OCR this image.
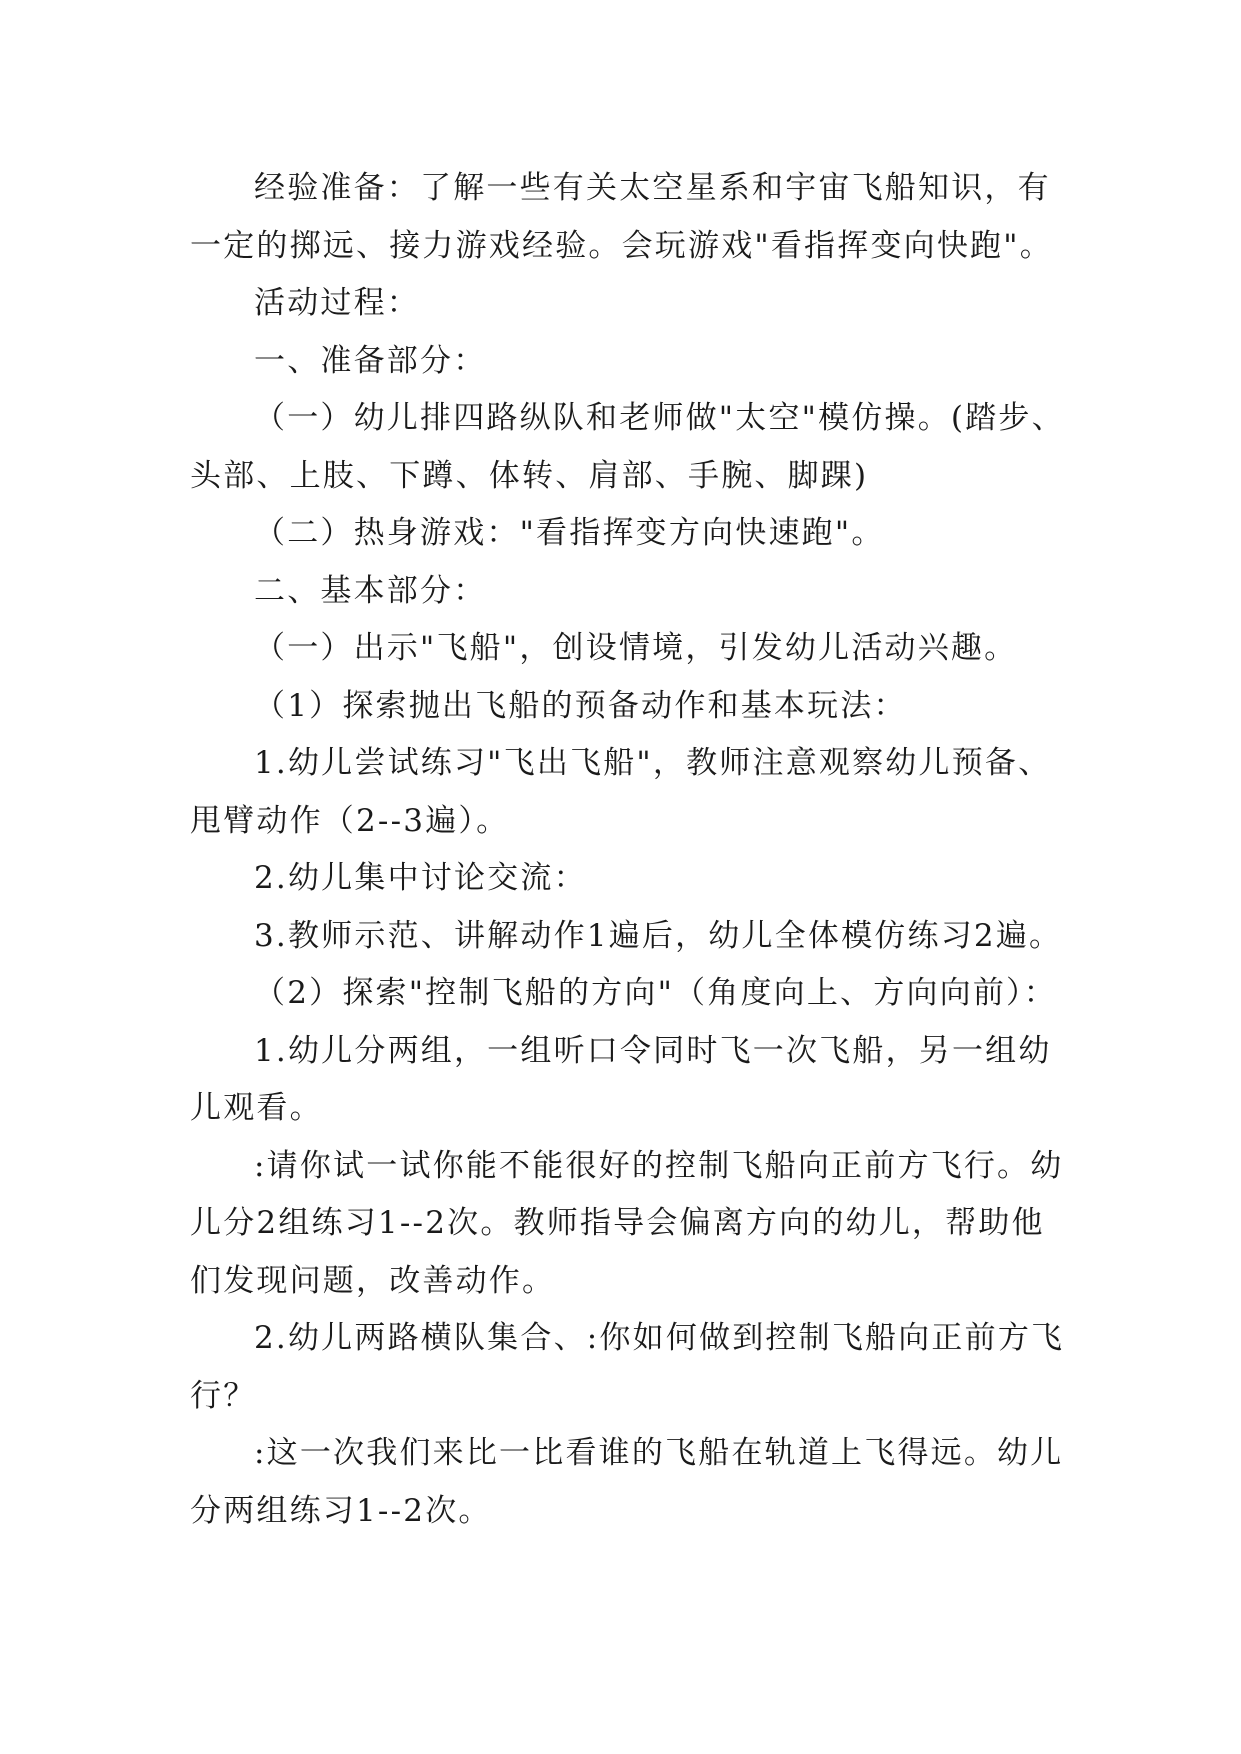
经验准备：了解一些有关太空星系和宇宙飞船知识，有一定的掷远、接力游戏经验。会玩游戏"看指挥变向快跑"。

活动过程：

一、准备部分：

（一）幼儿排四路纵队和老师做"太空"模仿操。(踏步、头部、上肢、下蹲、体转、肩部、手腕、脚踝)

（二）热身游戏："看指挥变方向快速跑"。

二、基本部分：

（一）出示"飞船"，创设情境，引发幼儿活动兴趣。

（1）探索抛出飞船的预备动作和基本玩法：

1.幼儿尝试练习"飞出飞船"，教师注意观察幼儿预备、甩臂动作（2--3遍）。

2.幼儿集中讨论交流：

3.教师示范、讲解动作1遍后，幼儿全体模仿练习2遍。

（2）探索"控制飞船的方向"（角度向上、方向向前）：

1.幼儿分两组，一组听口令同时飞一次飞船，另一组幼儿观看。

:请你试一试你能不能很好的控制飞船向正前方飞行。幼儿分2组练习1--2次。教师指导会偏离方向的幼儿，帮助他们发现问题，改善动作。

2.幼儿两路横队集合、:你如何做到控制飞船向正前方飞行？

:这一次我们来比一比看谁的飞船在轨道上飞得远。幼儿分两组练习1--2次。
